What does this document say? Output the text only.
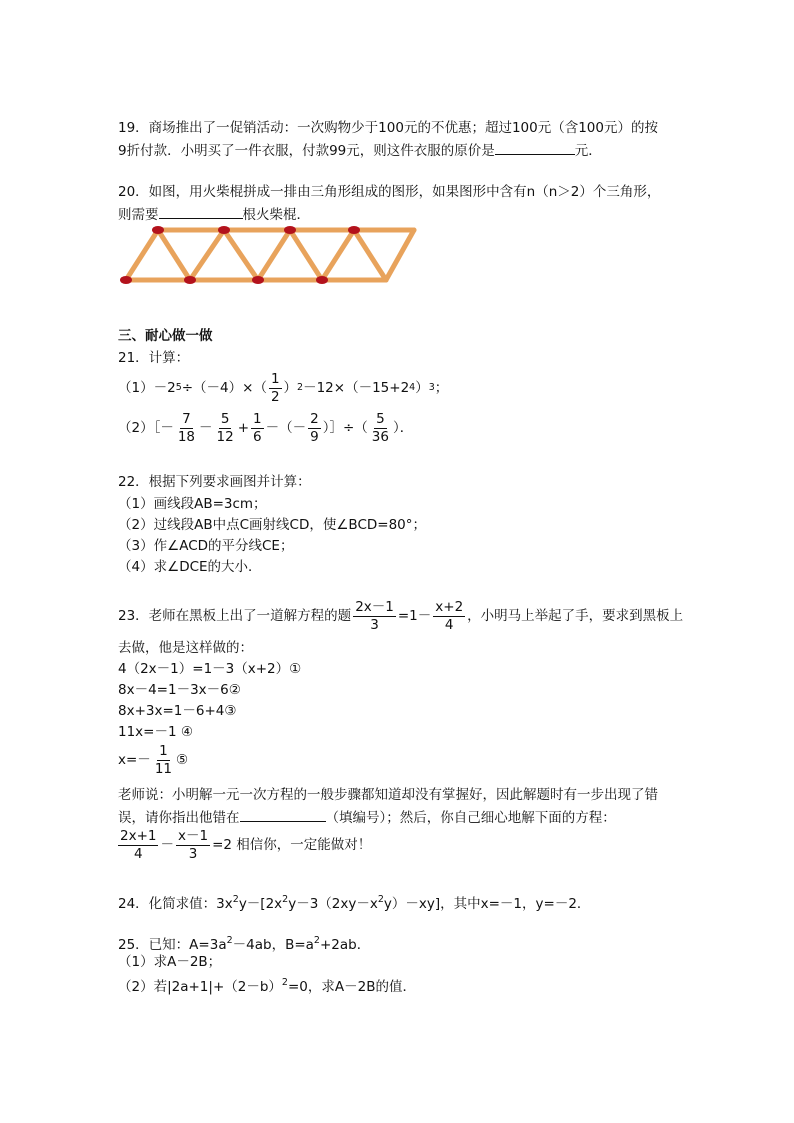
19．商场推出了一促销活动：一次购物少于100元的不优惠；超过100元（含100元）的按
9折付款．小明买了一件衣服，付款99元，则这件衣服的原价是	元．
20．如图，用火柴棍拼成一排由三角形组成的图形，如果图形中含有n（n＞2）个三角形，
则需要	根火柴棍．
三、耐心做一做
21．计算：
（1）－2 $5 \div(-4)\times( \frac{1}{2}$ ） 2 －12×（－15+2 4 ） 3 ；
（2）［－ $\frac{7}{18} - \frac{5}{12} + \frac{1}{6}$ －（－ $\frac{2}{9}$ ）］÷（ $\frac{5}{36}$ ）．
22．根据下列要求画图并计算：
（1）画线段AB=3cm；
（2）过线段AB中点C画射线CD，使∠BCD=80°；
（3）作∠ACD的平分线CE；
（4）求∠DCE的大小．
23．老师在黑板上出了一道解方程的题 $\frac{2x-1}{3} =1- \frac{x+2}{4}$ ，小明马上举起了手，要求到黑板上
去做，他是这样做的：
4（2x－1）=1－3（x+2）①
8x－4=1－3x－6②
8x+3x=1－6+4③
11x=－1 ④
$x=- \frac{1}{11}$ ⑤
老师说：小明解一元一次方程的一般步骤都知道却没有掌握好，因此解题时有一步出现了错
误，请你指出他错在	（填编号）；然后，你自己细心地解下面的方程：
$\frac{2x+1}{4} - \frac{x-1}{3} =2$ 相信你，一定能做对！
24．化简求值：$3x^2y-[2x^2y-3(2xy-x^2y)-xy]$，其中x=－1，y=－2．
25．已知：$A=3a^2-4ab$，$B=a^2+2ab$．
（1）求A－2B；
（2）若$|2a+1|+(2-b)^2=0$，求A－2B的值．
